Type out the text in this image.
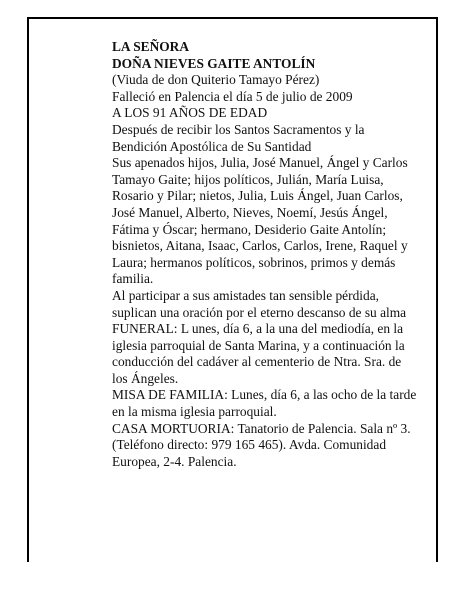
LA SEÑORA

DOÑA NIEVES GAITE ANTOLÍN

(Viuda de don Quiterio Tamayo Pérez)

Falleció en Palencia el día 5 de julio de 2009

A LOS 91 AÑOS DE EDAD

Después de recibir los Santos Sacramentos y la Bendición Apostólica de Su Santidad

Sus apenados hijos, Julia, José Manuel, Ángel y Carlos Tamayo Gaite; hijos políticos, Julián, María Luisa, Rosario y Pilar; nietos, Julia, Luis Ángel, Juan Carlos, José Manuel, Alberto, Nieves, Noemí, Jesús Ángel, Fátima y Óscar; hermano, Desiderio Gaite Antolín; bisnietos, Aitana, Isaac, Carlos, Carlos, Irene, Raquel y Laura; hermanos políticos, sobrinos, primos y demás familia.

Al participar a sus amistades tan sensible pérdida, suplican una oración por el eterno descanso de su alma

FUNERAL: L unes, día 6, a la una del mediodía, en la iglesia parroquial de Santa Marina, y a continuación la conducción del cadáver al cementerio de Ntra. Sra. de los Ángeles.

MISA DE FAMILIA: Lunes, día 6, a las ocho de la tarde en la misma iglesia parroquial.

CASA MORTUORIA: Tanatorio de Palencia. Sala nº 3. (Teléfono directo: 979 165 465). Avda. Comunidad Europea, 2-4. Palencia.
